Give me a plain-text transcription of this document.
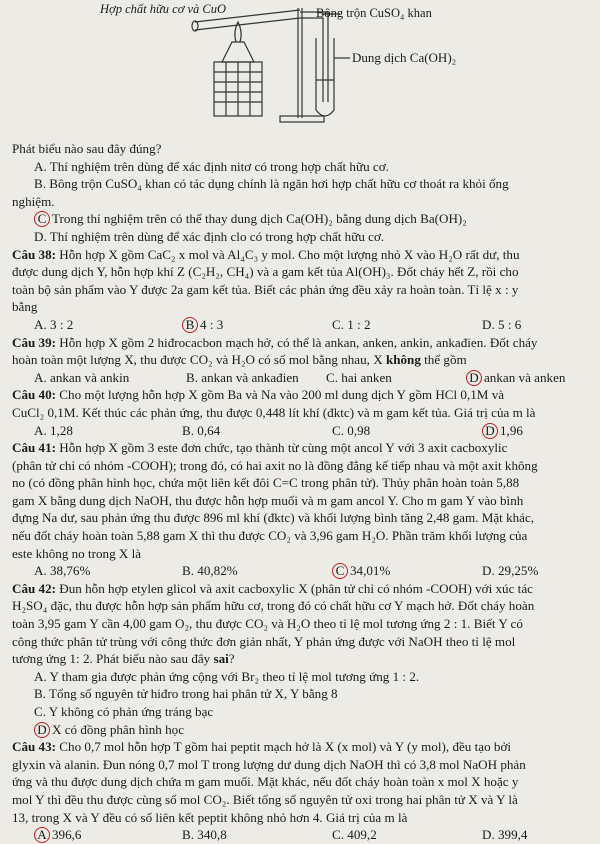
Hợp chất hữu cơ và CuO	Bông trộn CuSO₄ khan
Dung dịch Ca(OH)₂

Phát biểu nào sau đây đúng?

A. Thí nghiệm trên dùng để xác định nitơ có trong hợp chất hữu cơ.

B. Bông trộn CuSO₄ khan có tác dụng chính là ngăn hơi hợp chất hữu cơ thoát ra khỏi ống

nghiệm.

C Trong thí nghiệm trên có thể thay dung dịch Ca(OH)₂ bằng dung dịch Ba(OH)₂

D. Thí nghiệm trên dùng để xác định clo có trong hợp chất hữu cơ.

Câu 38: Hỗn hợp X gồm CaC₂ x mol và Al₄C₃ y mol. Cho một lượng nhỏ X vào H₂O rất dư, thu

được dung dịch Y, hỗn hợp khí Z (C₂H₂, CH₄) và a gam kết tủa Al(OH)₃. Đốt cháy hết Z, rồi cho

toàn bộ sản phẩm vào Y được 2a gam kết tủa. Biết các phản ứng đều xảy ra hoàn toàn. Tỉ lệ x : y

bằng

A. 3 : 2	B 4 : 3	C. 1 : 2	D. 5 : 6

Câu 39: Hỗn hợp X gồm 2 hiđrocacbon mạch hở, có thể là ankan, anken, ankin, ankađien. Đốt cháy

hoàn toàn một lượng X, thu được CO₂ và H₂O có số mol bằng nhau, X không thể gồm

A. ankan và ankin	B. ankan và ankađien	C. hai anken	D ankan và anken

Câu 40: Cho một lượng hỗn hợp X gồm Ba và Na vào 200 ml dung dịch Y gồm HCl 0,1M và

CuCl₂ 0,1M. Kết thúc các phản ứng, thu được 0,448 lít khí (đktc) và m gam kết tủa. Giá trị của m là

A. 1,28	B. 0,64	C. 0,98	D 1,96

Câu 41: Hỗn hợp X gồm 3 este đơn chức, tạo thành từ cùng một ancol Y với 3 axit cacboxylic

(phân tử chỉ có nhóm -COOH); trong đó, có hai axit no là đồng đẳng kế tiếp nhau và một axit không

no (có đồng phân hình học, chứa một liên kết đôi C=C trong phân tử). Thủy phân hoàn toàn 5,88

gam X bằng dung dịch NaOH, thu được hỗn hợp muối và m gam ancol Y. Cho m gam Y vào bình

đựng Na dư, sau phản ứng thu được 896 ml khí (đktc) và khối lượng bình tăng 2,48 gam. Mặt khác,

nếu đốt cháy hoàn toàn 5,88 gam X thì thu được CO₂ và 3,96 gam H₂O. Phần trăm khối lượng của

este không no trong X là

A. 38,76%	B. 40,82%	C 34,01%	D. 29,25%

Câu 42: Đun hỗn hợp etylen glicol và axit cacboxylic X (phân tử chỉ có nhóm -COOH) với xúc tác

H₂SO₄ đặc, thu được hỗn hợp sản phẩm hữu cơ, trong đó có chất hữu cơ Y mạch hở. Đốt cháy hoàn

toàn 3,95 gam Y cần 4,00 gam O₂, thu được CO₂ và H₂O theo tỉ lệ mol tương ứng 2 : 1. Biết Y có

công thức phân tử trùng với công thức đơn giản nhất, Y phản ứng được với NaOH theo tỉ lệ mol

tương ứng 1: 2. Phát biểu nào sau đây sai?

A. Y tham gia được phản ứng cộng với Br₂ theo tỉ lệ mol tương ứng 1 : 2.

B. Tổng số nguyên tử hiđro trong hai phân tử X, Y bằng 8

C. Y không có phản ứng tráng bạc

D X có đồng phân hình học

Câu 43: Cho 0,7 mol hỗn hợp T gồm hai peptit mạch hở là X (x mol) và Y (y mol), đều tạo bởi

glyxin và alanin. Đun nóng 0,7 mol T trong lượng dư dung dịch NaOH thì có 3,8 mol NaOH phản

ứng và thu được dung dịch chứa m gam muối. Mặt khác, nếu đốt cháy hoàn toàn x mol X hoặc y

mol Y thì đều thu được cùng số mol CO₂. Biết tổng số nguyên tử oxi trong hai phân tử X và Y là

13, trong X và Y đều có số liên kết peptit không nhỏ hơn 4. Giá trị của m là

A 396,6	B. 340,8	C. 409,2	D. 399,4
